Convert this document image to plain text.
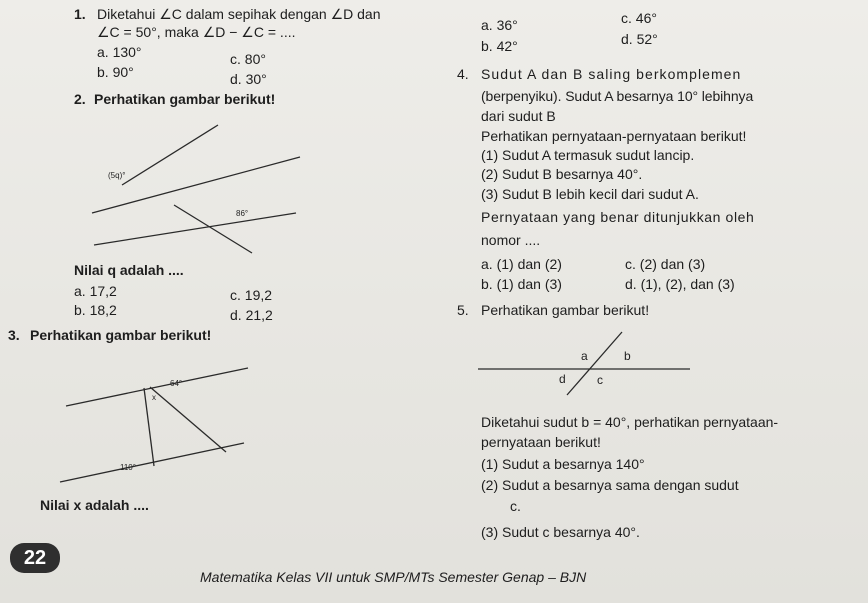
1. Diketahui ∠C dalam sepihak dengan ∠D dan
∠C = 50°, maka ∠D − ∠C = ....
a. 130°	c. 80°
b. 90°	d. 30°
2. Perhatikan gambar berikut!
(5q)°
86°
Nilai q adalah ....
a. 17,2	c. 19,2
b. 18,2	d. 21,2
3. Perhatikan gambar berikut!
64°
x
110°
Nilai x adalah ....
a. 36°	c. 46°
b. 42°	d. 52°
4. Sudut A dan B saling berkomplemen
(berpenyiku). Sudut A besarnya 10° lebihnya
dari sudut B
Perhatikan pernyataan-pernyataan berikut!
(1) Sudut A termasuk sudut lancip.
(2) Sudut B besarnya 40°.
(3) Sudut B lebih kecil dari sudut A.
Pernyataan yang benar ditunjukkan oleh
nomor ....
a. (1) dan (2)	c. (2) dan (3)
b. (1) dan (3)	d. (1), (2), dan (3)
5. Perhatikan gambar berikut!
a	b
d	c
Diketahui sudut b = 40°, perhatikan pernyataan-
pernyataan berikut!
(1) Sudut a besarnya 140°
(2) Sudut a besarnya sama dengan sudut
c.
(3) Sudut c besarnya 40°.
22
Matematika Kelas VII untuk SMP/MTs Semester Genap – BJN
